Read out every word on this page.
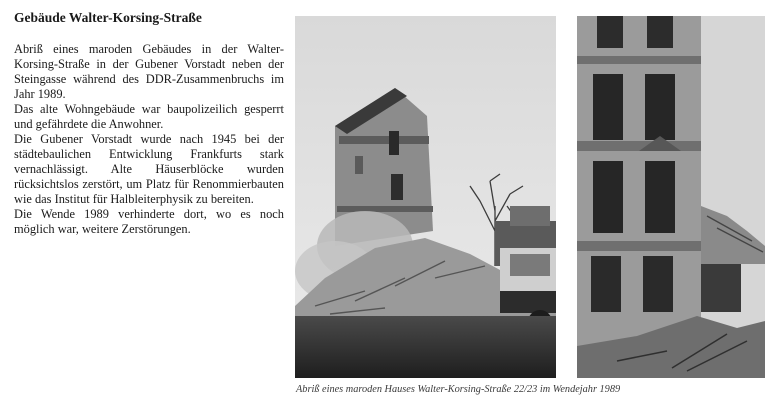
Gebäude Walter-Korsing-Straße

Abriß eines maroden Gebäudes in der Walter-Korsing-Straße in der Gubener Vorstadt neben der Steingasse während des DDR-Zusammenbruchs im Jahr 1989.
Das alte Wohngebäude war baupolizeilich gesperrt und gefährdete die Anwohner.
Die Gubener Vorstadt wurde nach 1945 bei der städtebaulichen Entwicklung Frankfurts stark vernachlässigt. Alte Häuserblöcke wurden rücksichtslos zerstört, um Platz für Renommierbauten wie das Institut für Halbleiterphysik zu bereiten.
Die Wende 1989 verhinderte dort, wo es noch möglich war, weitere Zerstörungen.

Abriß eines maroden Hauses Walter-Korsing-Straße 22/23 im Wendejahr 1989
